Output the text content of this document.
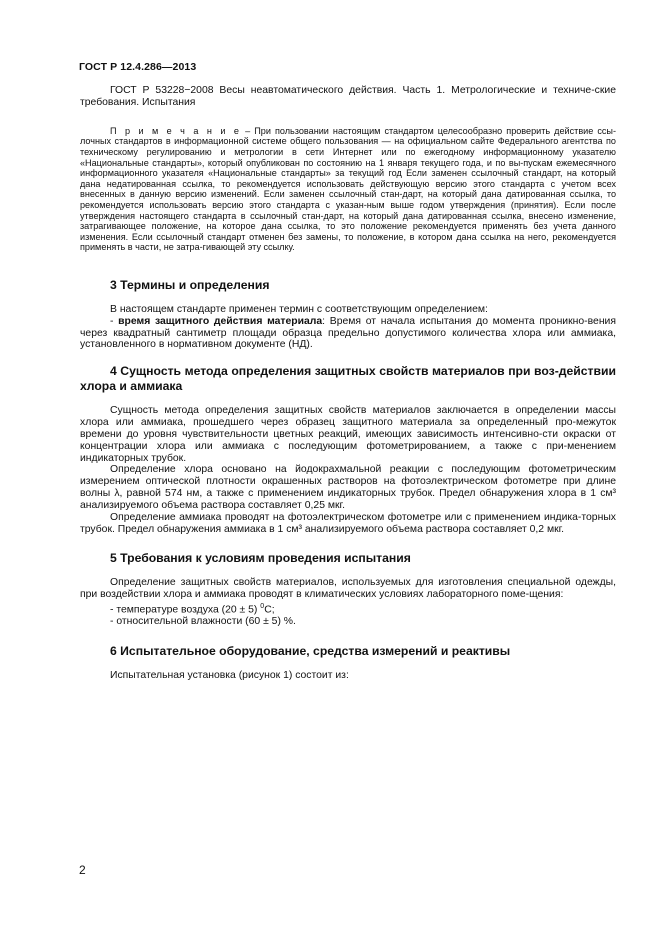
ГОСТ Р 12.4.286—2013

ГОСТ Р 53228−2008 Весы неавтоматического действия. Часть 1. Метрологические и техниче-ские требования. Испытания

П р и м е ч а н и е – При пользовании настоящим стандартом целесообразно проверить действие ссы-лочных стандартов в информационной системе общего пользования — на официальном сайте Федерального агентства по техническому регулированию и метрологии в сети Интернет или по ежегодному информационному указателю «Национальные стандарты», который опубликован по состоянию на 1 января текущего года, и по вы-пускам ежемесячного информационного указателя «Национальные стандарты» за текущий год Если заменен ссылочный стандарт, на который дана недатированная ссылка, то рекомендуется использовать действующую версию этого стандарта с учетом всех внесенных в данную версию изменений. Если заменен ссылочный стан-дарт, на который дана датированная ссылка, то рекомендуется использовать версию этого стандарта с указан-ным выше годом утверждения (принятия). Если после утверждения настоящего стандарта в ссылочный стан-дарт, на который дана датированная ссылка, внесено изменение, затрагивающее положение, на которое дана ссылка, то это положение рекомендуется применять без учета данного изменения. Если ссылочный стандарт отменен без замены, то положение, в котором дана ссылка на него, рекомендуется применять в части, не затра-гивающей эту ссылку.

3 Термины и определения

В настоящем стандарте применен термин с соответствующим определением:

- время защитного действия материала: Время от начала испытания до момента проникно-вения через квадратный сантиметр площади образца предельно допустимого количества хлора или аммиака, установленного в нормативном документе (НД).

4 Сущность метода определения защитных свойств материалов при воз-действии хлора и аммиака

Сущность метода определения защитных свойств материалов заключается в определении массы хлора или аммиака, прошедшего через образец защитного материала за определенный про-межуток времени до уровня чувствительности цветных реакций, имеющих зависимость интенсивно-сти окраски от концентрации хлора или аммиака с последующим фотометрированием, а также с при-менением индикаторных трубок.

Определение хлора основано на йодокрахмальной реакции с последующим фотометрическим измерением оптической плотности окрашенных растворов на фотоэлектрическом фотометре при длине волны λ, равной 574 нм, а также с применением индикаторных трубок. Предел обнаружения хлора в 1 см³ анализируемого объема раствора составляет 0,25 мкг.

Определение аммиака проводят на фотоэлектрическом фотометре или с применением индика-торных трубок. Предел обнаружения аммиака в 1 см³ анализируемого объема раствора составляет 0,2 мкг.

5 Требования к условиям проведения испытания

Определение защитных свойств материалов, используемых для изготовления специальной одежды, при воздействии хлора и аммиака проводят в климатических условиях лабораторного поме-щения:

- температуре воздуха (20 ± 5) $^0$С;

- относительной влажности (60 ± 5) %.

6 Испытательное оборудование, средства измерений и реактивы

Испытательная установка (рисунок 1) состоит из:

2
